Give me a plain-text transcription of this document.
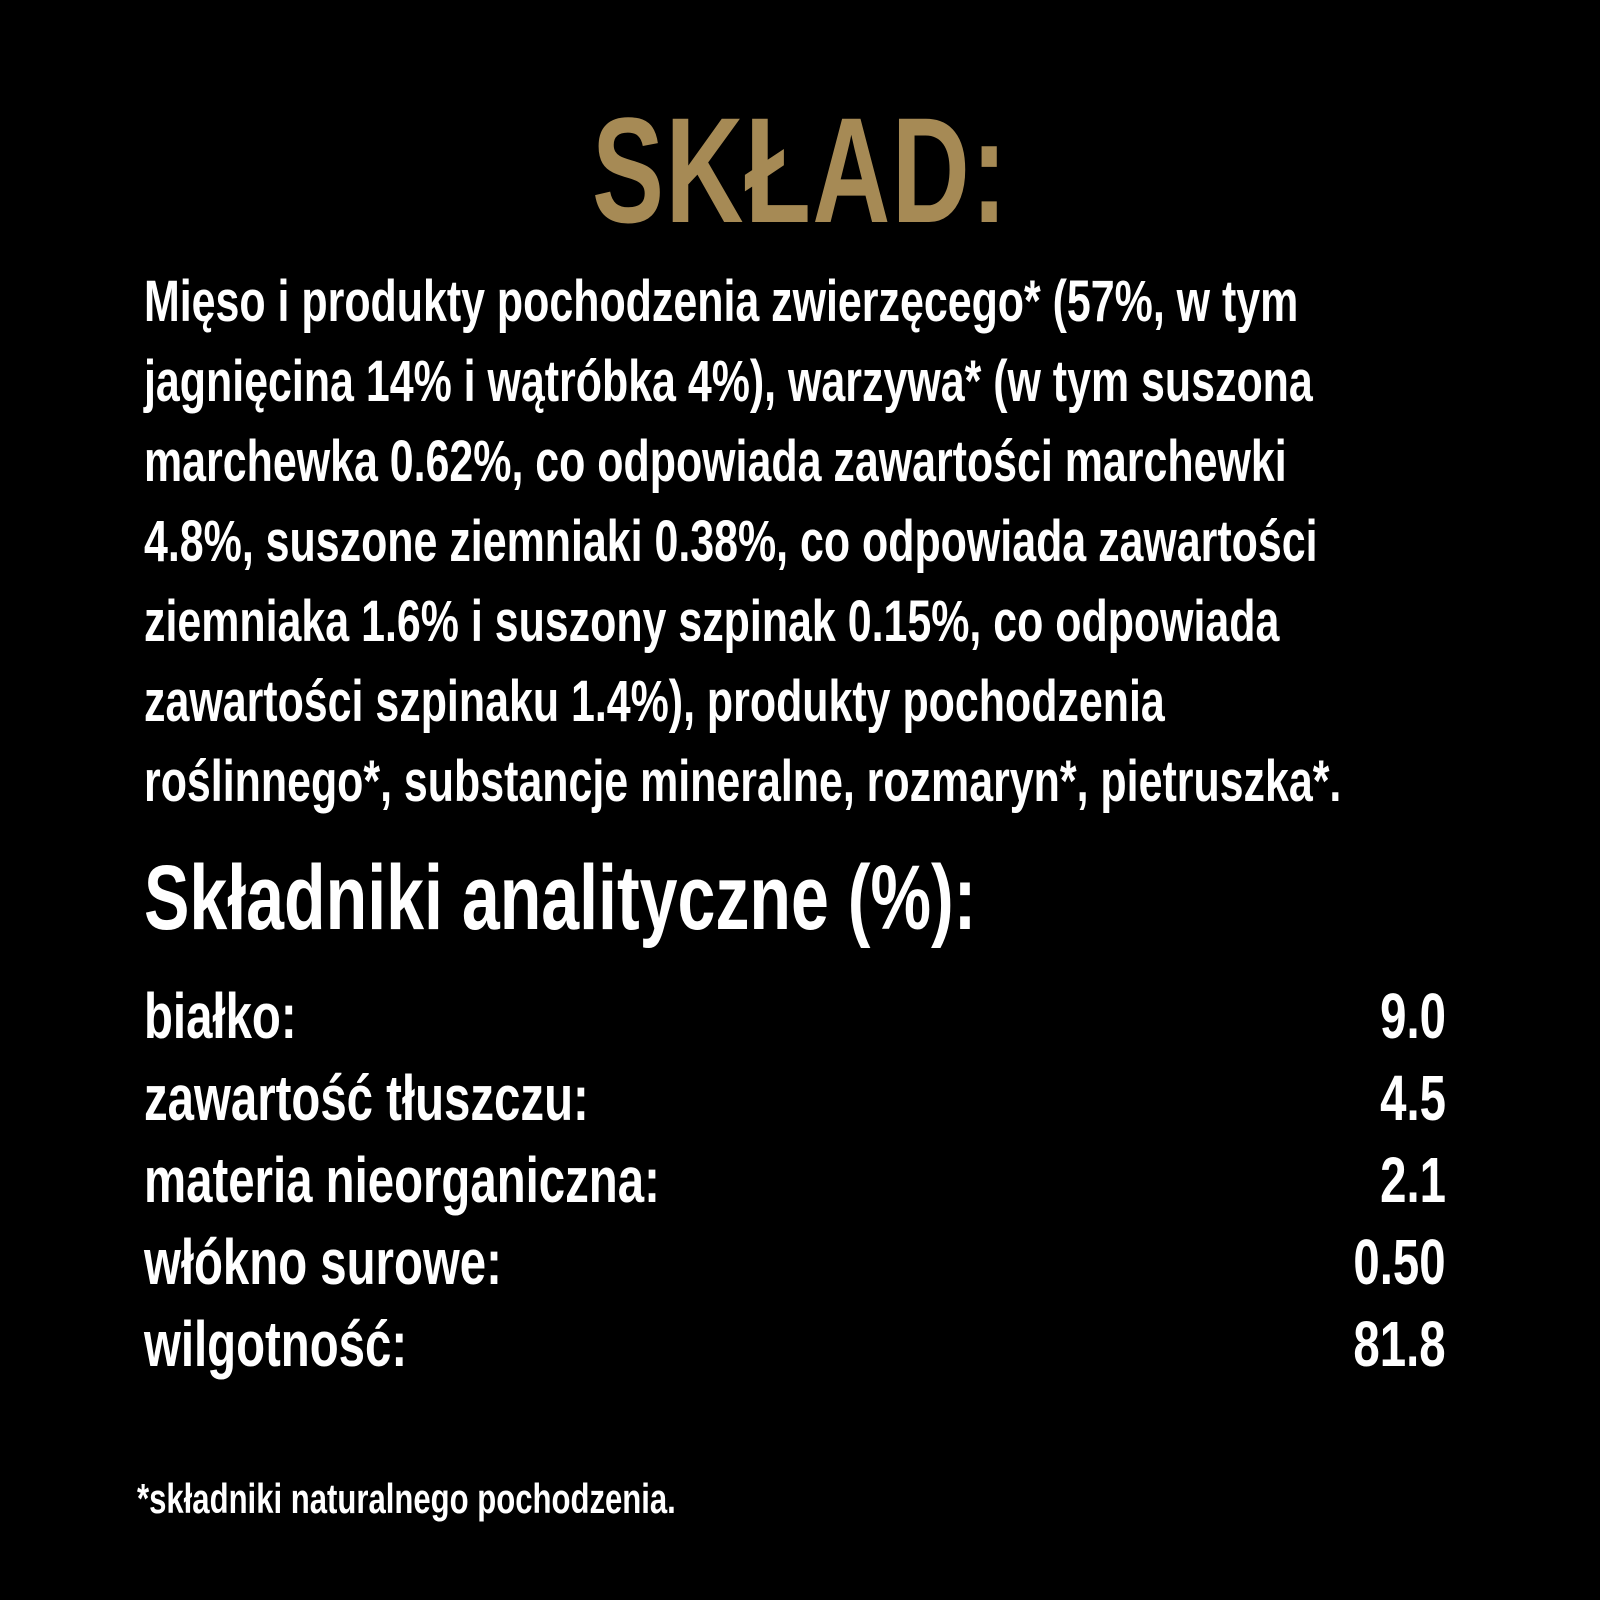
SKŁAD:
Mięso i produkty pochodzenia zwierzęcego* (57%, w tym
jagnięcina 14% i wątróbka 4%), warzywa* (w tym suszona
marchewka 0.62%, co odpowiada zawartości marchewki
4.8%, suszone ziemniaki 0.38%, co odpowiada zawartości
ziemniaka 1.6% i suszony szpinak 0.15%, co odpowiada
zawartości szpinaku 1.4%), produkty pochodzenia
roślinnego*, substancje mineralne, rozmaryn*, pietruszka*.
Składniki analityczne (%):
białko:	9.0
zawartość tłuszczu:	4.5
materia nieorganiczna:	2.1
włókno surowe:	0.50
wilgotność:	81.8
*składniki naturalnego pochodzenia.
